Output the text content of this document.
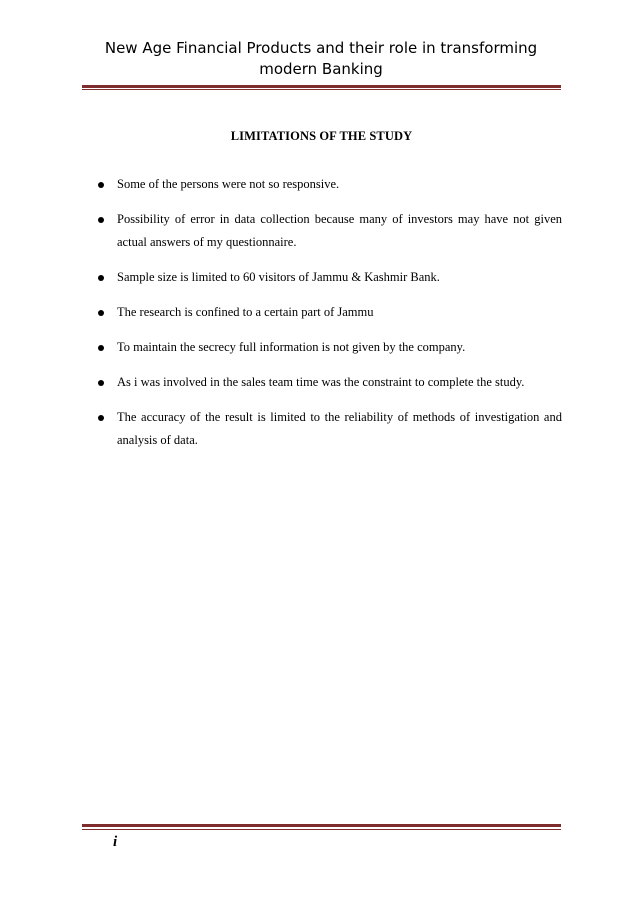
New Age Financial Products and their role in transforming modern Banking
LIMITATIONS OF THE STUDY
Some of the persons were not so responsive.
Possibility of error in data collection because many of investors may have not given actual answers of my questionnaire.
Sample size is limited to 60 visitors of Jammu & Kashmir Bank.
The research is confined to a certain part of Jammu
To maintain the secrecy full information is not given by the company.
As i was involved in the sales team time was the constraint to complete the study.
The accuracy of the result is limited to the reliability of methods of investigation and analysis of data.
i
